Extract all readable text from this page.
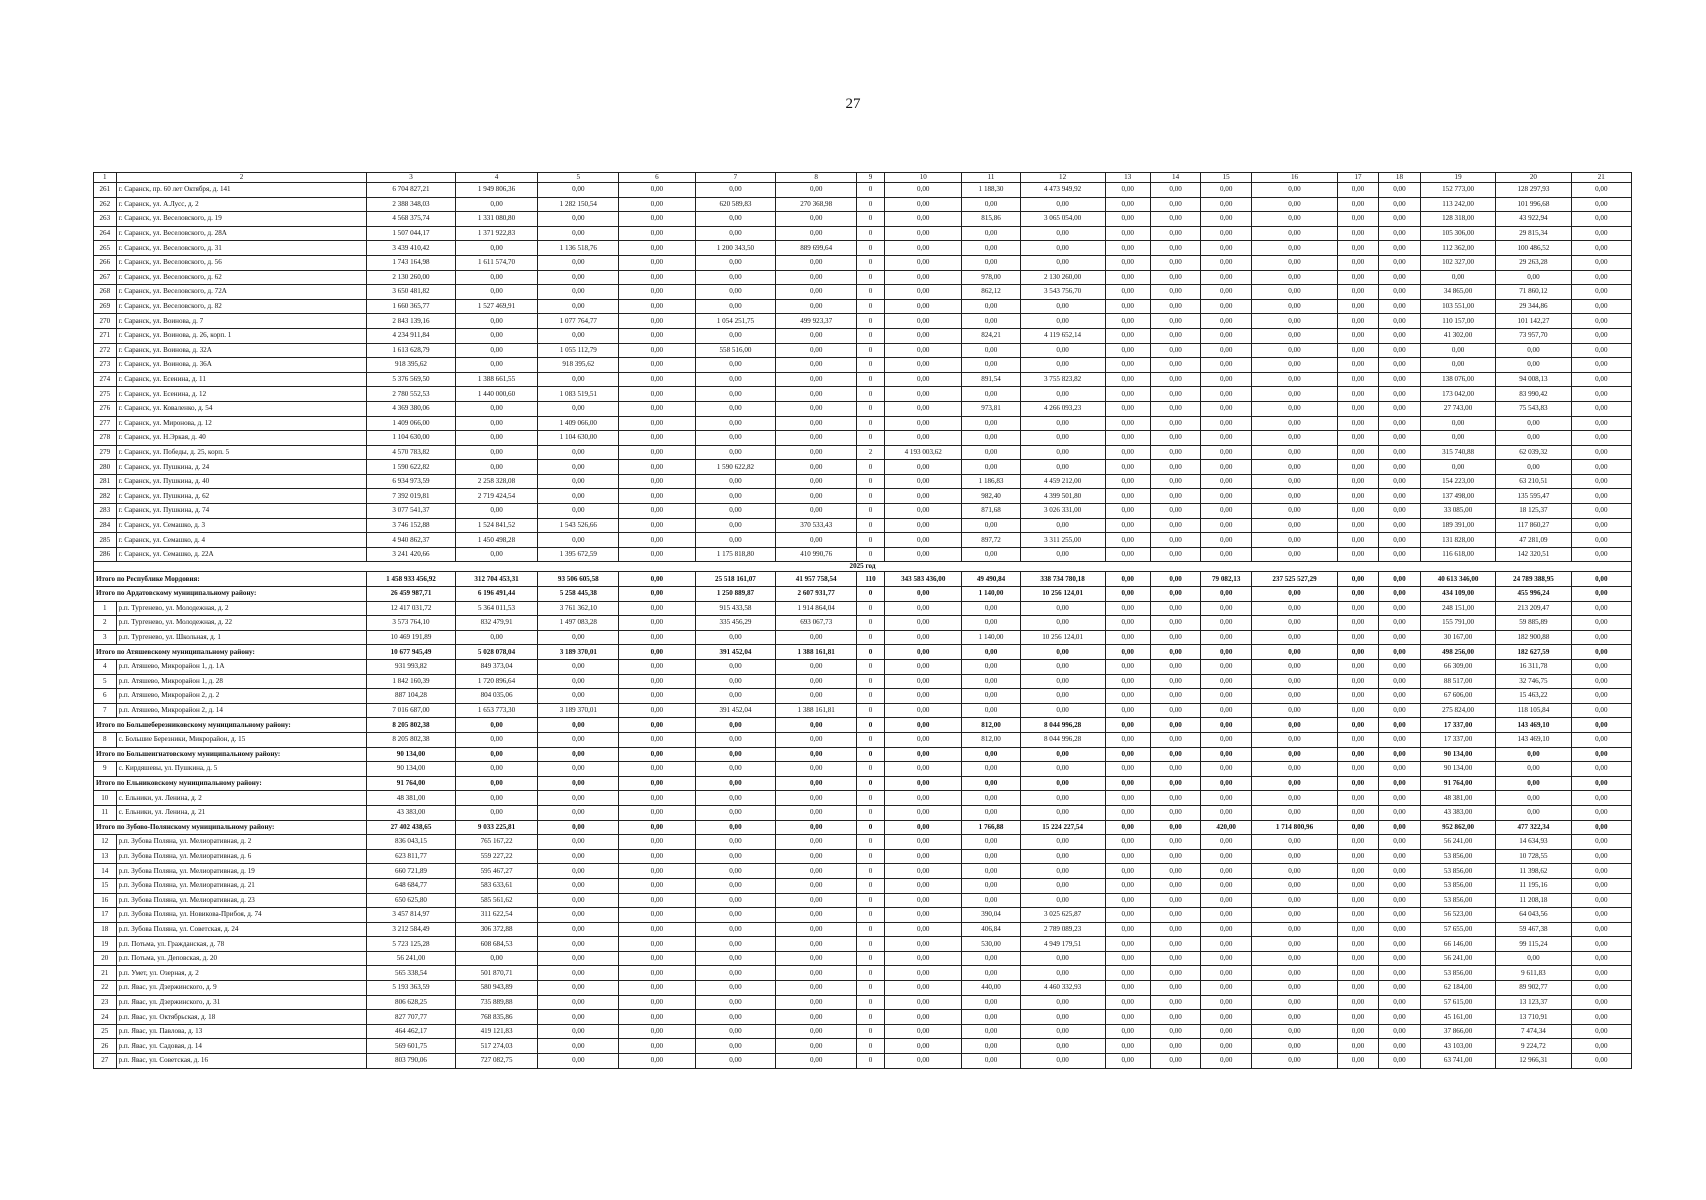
27
1	2	3	4	5	6	7	8	9	10	11	12	13	14	15	16	17	18	19	20	21
261	г. Саранск, пр. 60 лет Октября, д. 141	6 704 827,21	1 949 806,36	0,00	0,00	0,00	0,00	0	0,00	1 188,30	4 473 949,92	0,00	0,00	0,00	0,00	0,00	0,00	152 773,00	128 297,93	0,00
262	г. Саранск, ул. А.Лусс, д. 2	2 388 348,03	0,00	1 282 150,54	0,00	620 589,83	270 368,98	0	0,00	0,00	0,00	0,00	0,00	0,00	0,00	0,00	0,00	113 242,00	101 996,68	0,00
263	г. Саранск, ул. Веселовского, д. 19	4 568 375,74	1 331 080,80	0,00	0,00	0,00	0,00	0	0,00	815,86	3 065 054,00	0,00	0,00	0,00	0,00	0,00	0,00	128 318,00	43 922,94	0,00
264	г. Саранск, ул. Веселовского, д. 28А	1 507 044,17	1 371 922,83	0,00	0,00	0,00	0,00	0	0,00	0,00	0,00	0,00	0,00	0,00	0,00	0,00	0,00	105 306,00	29 815,34	0,00
265	г. Саранск, ул. Веселовского, д. 31	3 439 410,42	0,00	1 136 518,76	0,00	1 200 343,50	889 699,64	0	0,00	0,00	0,00	0,00	0,00	0,00	0,00	0,00	0,00	112 362,00	100 486,52	0,00
266	г. Саранск, ул. Веселовского, д. 56	1 743 164,98	1 611 574,70	0,00	0,00	0,00	0,00	0	0,00	0,00	0,00	0,00	0,00	0,00	0,00	0,00	0,00	102 327,00	29 263,28	0,00
267	г. Саранск, ул. Веселовского, д. 62	2 130 260,00	0,00	0,00	0,00	0,00	0,00	0	0,00	978,00	2 130 260,00	0,00	0,00	0,00	0,00	0,00	0,00	0,00	0,00	0,00
268	г. Саранск, ул. Веселовского, д. 72А	3 650 481,82	0,00	0,00	0,00	0,00	0,00	0	0,00	862,12	3 543 756,70	0,00	0,00	0,00	0,00	0,00	0,00	34 865,00	71 860,12	0,00
269	г. Саранск, ул. Веселовского, д. 82	1 660 365,77	1 527 469,91	0,00	0,00	0,00	0,00	0	0,00	0,00	0,00	0,00	0,00	0,00	0,00	0,00	0,00	103 551,00	29 344,86	0,00
270	г. Саранск, ул. Воинова, д. 7	2 843 139,16	0,00	1 077 764,77	0,00	1 054 251,75	499 923,37	0	0,00	0,00	0,00	0,00	0,00	0,00	0,00	0,00	0,00	110 157,00	101 142,27	0,00
271	г. Саранск, ул. Воинова, д. 26, корп. 1	4 234 911,84	0,00	0,00	0,00	0,00	0,00	0	0,00	824,21	4 119 652,14	0,00	0,00	0,00	0,00	0,00	0,00	41 302,00	73 957,70	0,00
272	г. Саранск, ул. Воинова, д. 32А	1 613 628,79	0,00	1 055 112,79	0,00	558 516,00	0,00	0	0,00	0,00	0,00	0,00	0,00	0,00	0,00	0,00	0,00	0,00	0,00	0,00
273	г. Саранск, ул. Воинова, д. 36А	918 395,62	0,00	918 395,62	0,00	0,00	0,00	0	0,00	0,00	0,00	0,00	0,00	0,00	0,00	0,00	0,00	0,00	0,00	0,00
274	г. Саранск, ул. Есенина, д. 11	5 376 569,50	1 388 661,55	0,00	0,00	0,00	0,00	0	0,00	891,54	3 755 823,82	0,00	0,00	0,00	0,00	0,00	0,00	138 076,00	94 008,13	0,00
275	г. Саранск, ул. Есенина, д. 12	2 780 552,53	1 440 000,60	1 083 519,51	0,00	0,00	0,00	0	0,00	0,00	0,00	0,00	0,00	0,00	0,00	0,00	0,00	173 042,00	83 990,42	0,00
276	г. Саранск, ул. Коваленко, д. 54	4 369 380,06	0,00	0,00	0,00	0,00	0,00	0	0,00	973,81	4 266 093,23	0,00	0,00	0,00	0,00	0,00	0,00	27 743,00	75 543,83	0,00
277	г. Саранск, ул. Миронова, д. 12	1 409 066,00	0,00	1 409 066,00	0,00	0,00	0,00	0	0,00	0,00	0,00	0,00	0,00	0,00	0,00	0,00	0,00	0,00	0,00	0,00
278	г. Саранск, ул. Н.Эркая, д. 40	1 104 630,00	0,00	1 104 630,00	0,00	0,00	0,00	0	0,00	0,00	0,00	0,00	0,00	0,00	0,00	0,00	0,00	0,00	0,00	0,00
279	г. Саранск, ул. Победы, д. 25, корп. 5	4 570 783,82	0,00	0,00	0,00	0,00	0,00	2	4 193 003,62	0,00	0,00	0,00	0,00	0,00	0,00	0,00	0,00	315 740,88	62 039,32	0,00
280	г. Саранск, ул. Пушкина, д. 24	1 590 622,82	0,00	0,00	0,00	1 590 622,82	0,00	0	0,00	0,00	0,00	0,00	0,00	0,00	0,00	0,00	0,00	0,00	0,00	0,00
281	г. Саранск, ул. Пушкина, д. 40	6 934 973,59	2 258 328,08	0,00	0,00	0,00	0,00	0	0,00	1 186,83	4 459 212,00	0,00	0,00	0,00	0,00	0,00	0,00	154 223,00	63 210,51	0,00
282	г. Саранск, ул. Пушкина, д. 62	7 392 019,81	2 719 424,54	0,00	0,00	0,00	0,00	0	0,00	982,40	4 399 501,80	0,00	0,00	0,00	0,00	0,00	0,00	137 498,00	135 595,47	0,00
283	г. Саранск, ул. Пушкина, д. 74	3 077 541,37	0,00	0,00	0,00	0,00	0,00	0	0,00	871,68	3 026 331,00	0,00	0,00	0,00	0,00	0,00	0,00	33 085,00	18 125,37	0,00
284	г. Саранск, ул. Семашко, д. 3	3 746 152,88	1 524 841,52	1 543 526,66	0,00	0,00	370 533,43	0	0,00	0,00	0,00	0,00	0,00	0,00	0,00	0,00	0,00	189 391,00	117 860,27	0,00
285	г. Саранск, ул. Семашко, д. 4	4 940 862,37	1 450 498,28	0,00	0,00	0,00	0,00	0	0,00	897,72	3 311 255,00	0,00	0,00	0,00	0,00	0,00	0,00	131 828,00	47 281,09	0,00
286	г. Саранск, ул. Семашко, д. 22А	3 241 420,66	0,00	1 395 672,59	0,00	1 175 818,80	410 990,76	0	0,00	0,00	0,00	0,00	0,00	0,00	0,00	0,00	0,00	116 618,00	142 320,51	0,00
2025 год																				
Итого по Республике Мордовия:		1 458 933 456,92	312 704 453,31	93 506 605,58	0,00	25 518 161,07	41 957 758,54	110	343 583 436,00	49 490,84	338 734 780,18	0,00	0,00	79 082,13	237 525 527,29	0,00	0,00	40 613 346,00	24 789 388,95	0,00
Итого по Ардатовскому муниципальному району:		26 459 987,71	6 196 491,44	5 258 445,38	0,00	1 250 889,87	2 607 931,77	0	0,00	1 140,00	10 256 124,01	0,00	0,00	0,00	0,00	0,00	0,00	434 109,00	455 996,24	0,00
1	р.п. Тургенево, ул. Молодежная, д. 2	12 417 031,72	5 364 011,53	3 761 362,10	0,00	915 433,58	1 914 864,04	0	0,00	0,00	0,00	0,00	0,00	0,00	0,00	0,00	0,00	248 151,00	213 209,47	0,00
2	р.п. Тургенево, ул. Молодежная, д. 22	3 573 764,10	832 479,91	1 497 083,28	0,00	335 456,29	693 067,73	0	0,00	0,00	0,00	0,00	0,00	0,00	0,00	0,00	0,00	155 791,00	59 885,89	0,00
3	р.п. Тургенево, ул. Школьная, д. 1	10 469 191,89	0,00	0,00	0,00	0,00	0,00	0	0,00	1 140,00	10 256 124,01	0,00	0,00	0,00	0,00	0,00	0,00	30 167,00	182 900,88	0,00
Итого по Атяшевскому муниципальному району:		10 677 945,49	5 028 078,04	3 189 370,01	0,00	391 452,04	1 388 161,81	0	0,00	0,00	0,00	0,00	0,00	0,00	0,00	0,00	0,00	498 256,00	182 627,59	0,00
4	р.п. Атяшево, Микрорайон 1, д. 1А	931 993,82	849 373,04	0,00	0,00	0,00	0,00	0	0,00	0,00	0,00	0,00	0,00	0,00	0,00	0,00	0,00	66 309,00	16 311,78	0,00
5	р.п. Атяшево, Микрорайон 1, д. 28	1 842 160,39	1 720 896,64	0,00	0,00	0,00	0,00	0	0,00	0,00	0,00	0,00	0,00	0,00	0,00	0,00	0,00	88 517,00	32 746,75	0,00
6	р.п. Атяшево, Микрорайон 2, д. 2	887 104,28	804 035,06	0,00	0,00	0,00	0,00	0	0,00	0,00	0,00	0,00	0,00	0,00	0,00	0,00	0,00	67 606,00	15 463,22	0,00
7	р.п. Атяшево, Микрорайон 2, д. 14	7 016 687,00	1 653 773,30	3 189 370,01	0,00	391 452,04	1 388 161,81	0	0,00	0,00	0,00	0,00	0,00	0,00	0,00	0,00	0,00	275 824,00	118 105,84	0,00
Итого по Большеберезниковскому муниципальному району:		8 205 802,38	0,00	0,00	0,00	0,00	0,00	0	0,00	812,00	8 044 996,28	0,00	0,00	0,00	0,00	0,00	0,00	17 337,00	143 469,10	0,00
8	с. Большие Березники, Микрорайон, д. 15	8 205 802,38	0,00	0,00	0,00	0,00	0,00	0	0,00	812,00	8 044 996,28	0,00	0,00	0,00	0,00	0,00	0,00	17 337,00	143 469,10	0,00
Итого по Большеигнатовскому муниципальному району:		90 134,00	0,00	0,00	0,00	0,00	0,00	0	0,00	0,00	0,00	0,00	0,00	0,00	0,00	0,00	0,00	90 134,00	0,00	0,00
9	с. Кирдяшевы, ул. Пушкина, д. 5	90 134,00	0,00	0,00	0,00	0,00	0,00	0	0,00	0,00	0,00	0,00	0,00	0,00	0,00	0,00	0,00	90 134,00	0,00	0,00
Итого по Ельниковскому муниципальному району:		91 764,00	0,00	0,00	0,00	0,00	0,00	0	0,00	0,00	0,00	0,00	0,00	0,00	0,00	0,00	0,00	91 764,00	0,00	0,00
10	с. Ельники, ул. Ленина, д. 2	48 381,00	0,00	0,00	0,00	0,00	0,00	0	0,00	0,00	0,00	0,00	0,00	0,00	0,00	0,00	0,00	48 381,00	0,00	0,00
11	с. Ельники, ул. Ленина, д. 21	43 383,00	0,00	0,00	0,00	0,00	0,00	0	0,00	0,00	0,00	0,00	0,00	0,00	0,00	0,00	0,00	43 383,00	0,00	0,00
Итого по Зубово-Полянскому муниципальному району:		27 402 438,65	9 033 225,81	0,00	0,00	0,00	0,00	0	0,00	1 766,88	15 224 227,54	0,00	0,00	420,00	1 714 800,96	0,00	0,00	952 862,00	477 322,34	0,00
12	р.п. Зубова Поляна, ул. Мелиоративная, д. 2	836 043,15	765 167,22	0,00	0,00	0,00	0,00	0	0,00	0,00	0,00	0,00	0,00	0,00	0,00	0,00	0,00	56 241,00	14 634,93	0,00
13	р.п. Зубова Поляна, ул. Мелиоративная, д. 6	623 811,77	559 227,22	0,00	0,00	0,00	0,00	0	0,00	0,00	0,00	0,00	0,00	0,00	0,00	0,00	0,00	53 856,00	10 728,55	0,00
14	р.п. Зубова Поляна, ул. Мелиоративная, д. 19	660 721,89	595 467,27	0,00	0,00	0,00	0,00	0	0,00	0,00	0,00	0,00	0,00	0,00	0,00	0,00	0,00	53 856,00	11 398,62	0,00
15	р.п. Зубова Поляна, ул. Мелиоративная, д. 21	648 684,77	583 633,61	0,00	0,00	0,00	0,00	0	0,00	0,00	0,00	0,00	0,00	0,00	0,00	0,00	0,00	53 856,00	11 195,16	0,00
16	р.п. Зубова Поляна, ул. Мелиоративная, д. 23	650 625,80	585 561,62	0,00	0,00	0,00	0,00	0	0,00	0,00	0,00	0,00	0,00	0,00	0,00	0,00	0,00	53 856,00	11 208,18	0,00
17	р.п. Зубова Поляна, ул. Новикова-Прибоя, д. 74	3 457 814,97	311 622,54	0,00	0,00	0,00	0,00	0	0,00	390,04	3 025 625,87	0,00	0,00	0,00	0,00	0,00	0,00	56 523,00	64 043,56	0,00
18	р.п. Зубова Поляна, ул. Советская, д. 24	3 212 584,49	306 372,88	0,00	0,00	0,00	0,00	0	0,00	406,84	2 789 089,23	0,00	0,00	0,00	0,00	0,00	0,00	57 655,00	59 467,38	0,00
19	р.п. Потьма, ул. Гражданская, д. 78	5 723 125,28	608 684,53	0,00	0,00	0,00	0,00	0	0,00	530,00	4 949 179,51	0,00	0,00	0,00	0,00	0,00	0,00	66 146,00	99 115,24	0,00
20	р.п. Потьма, ул. Деповская, д. 20	56 241,00	0,00	0,00	0,00	0,00	0,00	0	0,00	0,00	0,00	0,00	0,00	0,00	0,00	0,00	0,00	56 241,00	0,00	0,00
21	р.п. Умет, ул. Озерная, д. 2	565 338,54	501 870,71	0,00	0,00	0,00	0,00	0	0,00	0,00	0,00	0,00	0,00	0,00	0,00	0,00	0,00	53 856,00	9 611,83	0,00
22	р.п. Явас, ул. Дзержинского, д. 9	5 193 363,59	580 943,89	0,00	0,00	0,00	0,00	0	0,00	440,00	4 460 332,93	0,00	0,00	0,00	0,00	0,00	0,00	62 184,00	89 902,77	0,00
23	р.п. Явас, ул. Дзержинского, д. 31	806 628,25	735 889,88	0,00	0,00	0,00	0,00	0	0,00	0,00	0,00	0,00	0,00	0,00	0,00	0,00	0,00	57 615,00	13 123,37	0,00
24	р.п. Явас, ул. Октябрьская, д. 18	827 707,77	768 835,86	0,00	0,00	0,00	0,00	0	0,00	0,00	0,00	0,00	0,00	0,00	0,00	0,00	0,00	45 161,00	13 710,91	0,00
25	р.п. Явас, ул. Павлова, д. 13	464 462,17	419 121,83	0,00	0,00	0,00	0,00	0	0,00	0,00	0,00	0,00	0,00	0,00	0,00	0,00	0,00	37 866,00	7 474,34	0,00
26	р.п. Явас, ул. Садовая, д. 14	569 601,75	517 274,03	0,00	0,00	0,00	0,00	0	0,00	0,00	0,00	0,00	0,00	0,00	0,00	0,00	0,00	43 103,00	9 224,72	0,00
27	р.п. Явас, ул. Советская, д. 16	803 790,06	727 082,75	0,00	0,00	0,00	0,00	0	0,00	0,00	0,00	0,00	0,00	0,00	0,00	0,00	0,00	63 741,00	12 966,31	0,00
